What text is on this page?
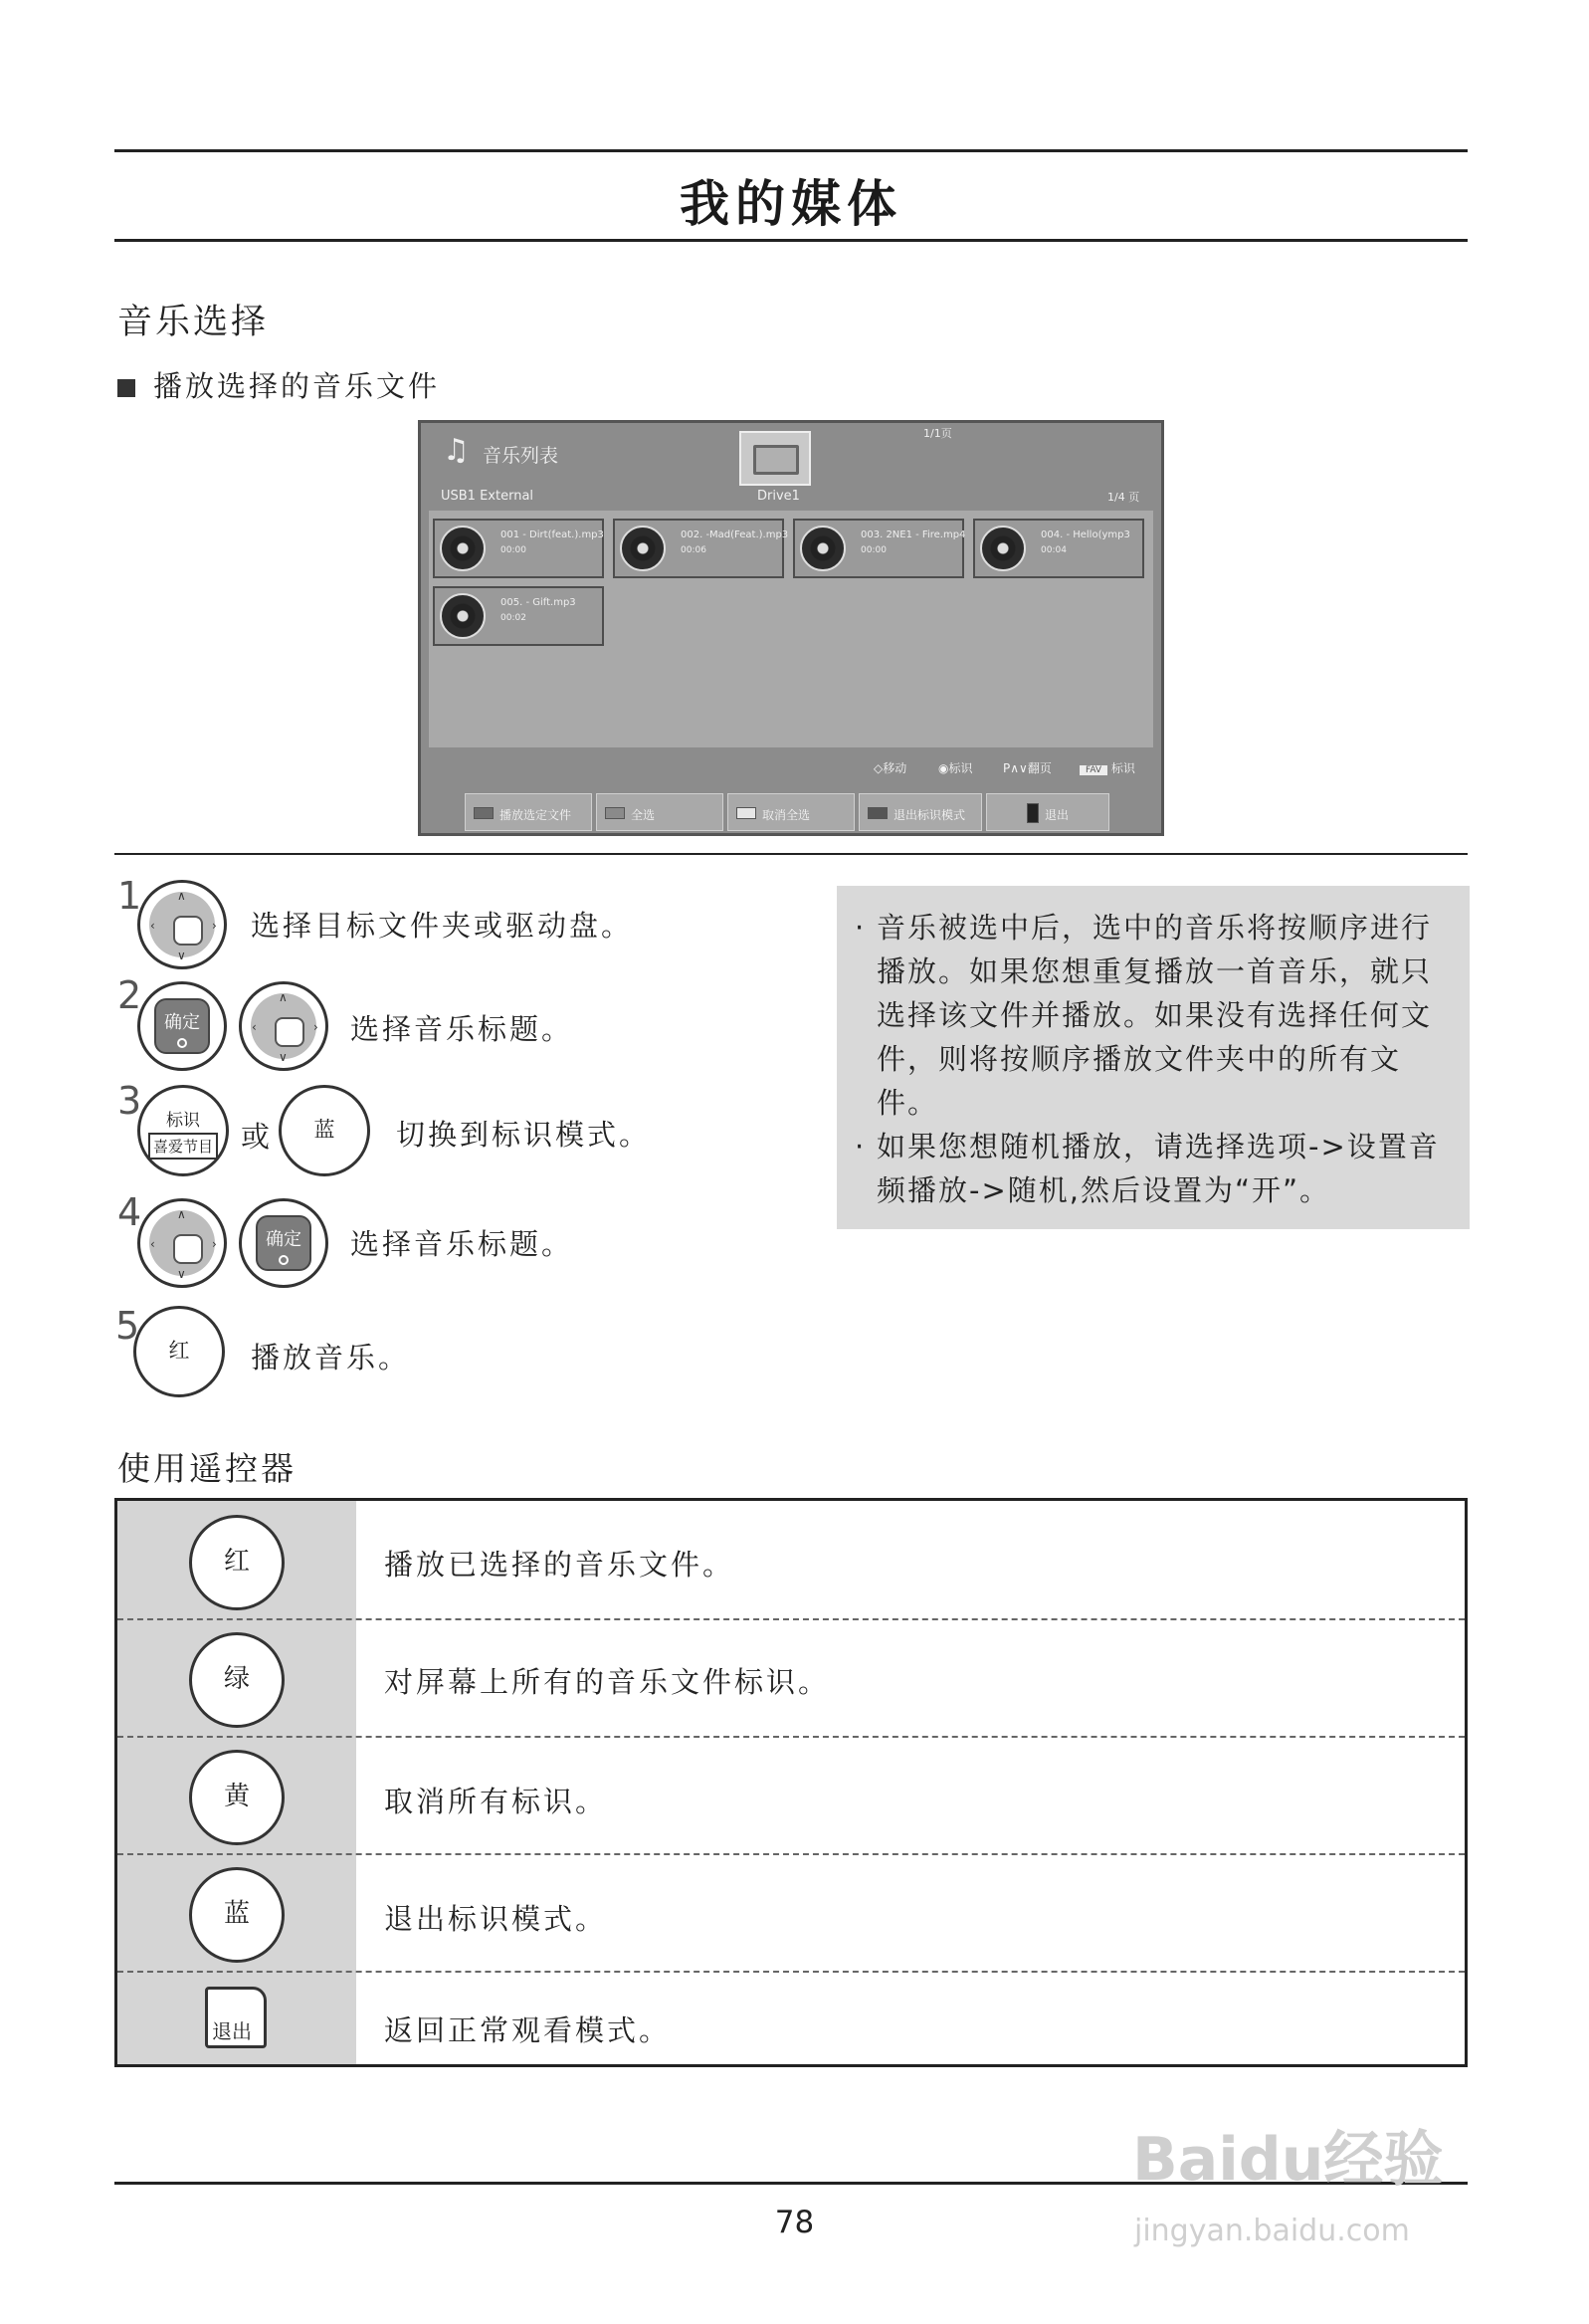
我的媒体
音乐选择
播放选择的音乐文件
♫ 音乐列表
1/1页
USB1 External	Drive1	1/4 页
001 - Dirt(feat.).mp3
00:00
002. -Mad(Feat.).mp3
00:06
003. 2NE1 - Fire.mp4
00:00
004. - Hello(ymp3
00:04
005. - Gift.mp3
00:02
◇移动	◉标识	P∧∨翻页	FAV 标识
播放选定文件	全选	取消全选	退出标识模式	退出
1	∧
∨
‹	› 选择目标文件夹或驱动盘。
2
确定
∧
∨
‹	› 选择音乐标题。
3	标识
喜爱节目 或	蓝	切换到标识模式。
4	∧
∨
‹	›	确定	选择音乐标题。
5
红	播放音乐。
· 音乐被选中后，选中的音乐将按顺序进行播放。如果您想重复播放一首音乐，就只选择该文件并播放。如果没有选择任何文件，则将按顺序播放文件夹中的所有文件。
· 如果您想随机播放，请选择选项->设置音频播放->随机,然后设置为“开”。
使用遥控器
红	播放已选择的音乐文件。
绿	对屏幕上所有的音乐文件标识。
黄	取消所有标识。
蓝	退出标识模式。
退出	返回正常观看模式。
78
Baidu经验
jingyan.baidu.com
